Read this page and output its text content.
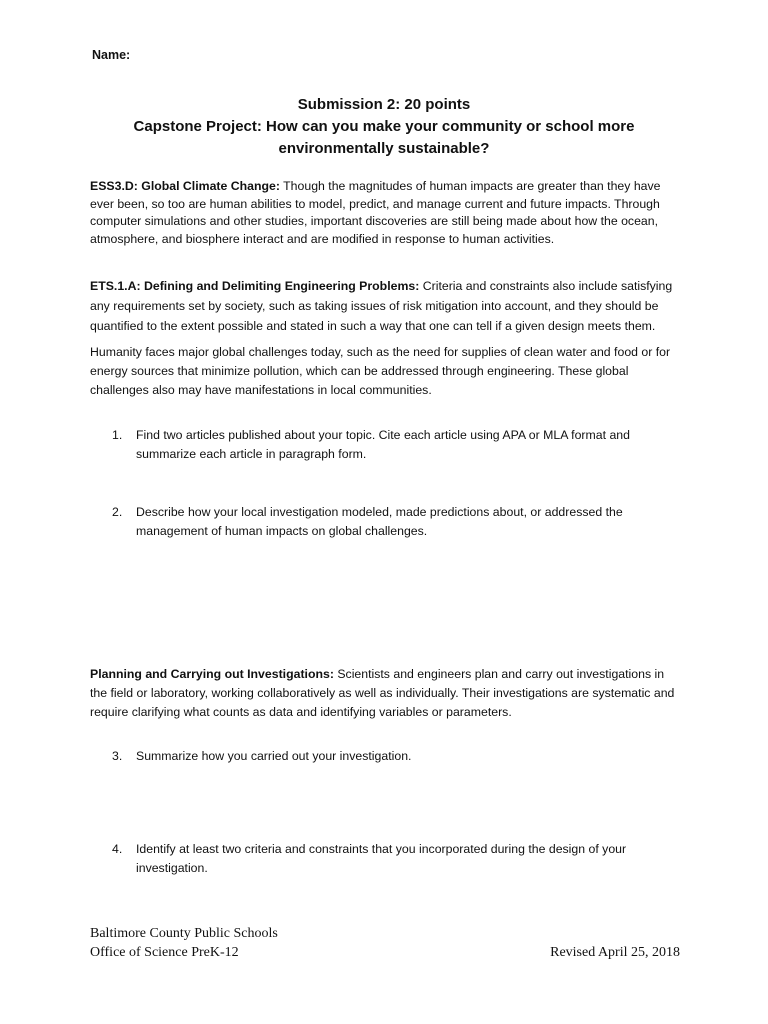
Name:
Submission 2: 20 points
Capstone Project: How can you make your community or school more environmentally sustainable?
ESS3.D: Global Climate Change: Though the magnitudes of human impacts are greater than they have ever been, so too are human abilities to model, predict, and manage current and future impacts. Through computer simulations and other studies, important discoveries are still being made about how the ocean, atmosphere, and biosphere interact and are modified in response to human activities.
ETS.1.A: Defining and Delimiting Engineering Problems: Criteria and constraints also include satisfying any requirements set by society, such as taking issues of risk mitigation into account, and they should be quantified to the extent possible and stated in such a way that one can tell if a given design meets them.
Humanity faces major global challenges today, such as the need for supplies of clean water and food or for energy sources that minimize pollution, which can be addressed through engineering. These global challenges also may have manifestations in local communities.
1.	Find two articles published about your topic. Cite each article using APA or MLA format and summarize each article in paragraph form.
2.	Describe how your local investigation modeled, made predictions about, or addressed the management of human impacts on global challenges.
Planning and Carrying out Investigations: Scientists and engineers plan and carry out investigations in the field or laboratory, working collaboratively as well as individually. Their investigations are systematic and require clarifying what counts as data and identifying variables or parameters.
3.	Summarize how you carried out your investigation.
4.	Identify at least two criteria and constraints that you incorporated during the design of your investigation.
Baltimore County Public Schools
Office of Science PreK-12	Revised April 25, 2018
